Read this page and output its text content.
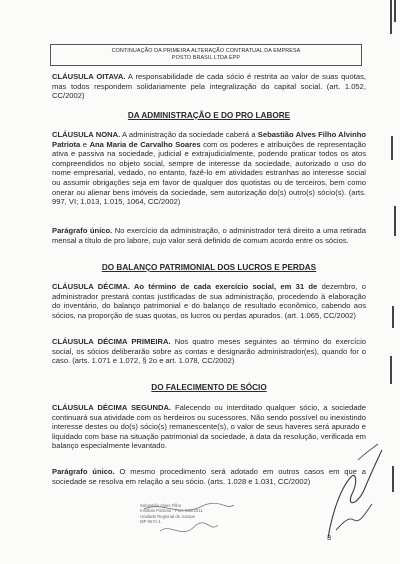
CONTINUAÇÃO DA PRIMEIRA ALTERAÇÃO CONTRATUAL DA EMPRESA
POSTO BRASIL LTDA EPP
CLÁUSULA OITAVA. A responsabilidade de cada sócio é restrita ao valor de suas quotas, mas todos respondem solidariamente pela integralização do capital social. (art. 1.052, CC/2002)
DA ADMINISTRAÇÃO E DO PRO LABORE
CLÁUSULA NONA. A administração da sociedade caberá a Sebastião Alves Filho Alvinho Patriota e Ana Maria de Carvalho Soares com os poderes e atribuições de representação ativa e passiva na sociedade, judicial e extrajudicialmente, podendo praticar todos os atos compreendidos no objeto social, sempre de interesse da sociedade, autorizado o uso do nome empresarial, vedado, no entanto, fazê-lo em atividades estranhas ao interesse social ou assumir obrigações seja em favor de qualquer dos quotistas ou de terceiros, bem como onerar ou alienar bens imóveis da sociedade, sem autorização do(s) outro(s) sócio(s). (arts. 997, VI; 1.013, 1.015, 1064, CC/2002)
Parágrafo único. No exercício da administração, o administrador terá direito a uma retirada mensal a título de pro labore, cujo valor será definido de comum acordo entre os sócios.
DO BALANÇO PATRIMONIAL DOS LUCROS E PERDAS
CLÁUSULA DÉCIMA. Ao término de cada exercício social, em 31 de dezembro, o administrador prestará contas justificadas de sua administração, procedendo à elaboração do inventário, do balanço patrimonial e do balanço de resultado econômico, cabendo aos sócios, na proporção de suas quotas, os lucros ou perdas apurados. (art. 1.065, CC/2002)
CLÁUSULA DÉCIMA PRIMEIRA. Nos quatro meses seguintes ao término do exercício social, os sócios deliberarão sobre as contas e designarão administrador(es), quando for o caso. (arts. 1.071 e 1.072, § 2o e art. 1.078, CC/2002)
DO FALECIMENTO DE SÓCIO
CLÁUSULA DÉCIMA SEGUNDA. Falecendo ou interditado qualquer sócio, a sociedade continuará sua atividade com os herdeiros ou sucessores. Não sendo possível ou inexistindo interesse destes ou do(s) sócio(s) remanescente(s), o valor de seus haveres será apurado e liquidado com base na situação patrimonial da sociedade, à data da resolução, verificada em balanço especialmente levantado.
Parágrafo único. O mesmo procedimento será adotado em outros casos em que a sociedade se resolva em relação a seu sócio. (arts. 1.028 e 1.031, CC/2002)
Sebastião Alves Filho
Instituto Patriota - Port. 534/2011
Unidade Regional de Jucepe
MP 8671-1
3
